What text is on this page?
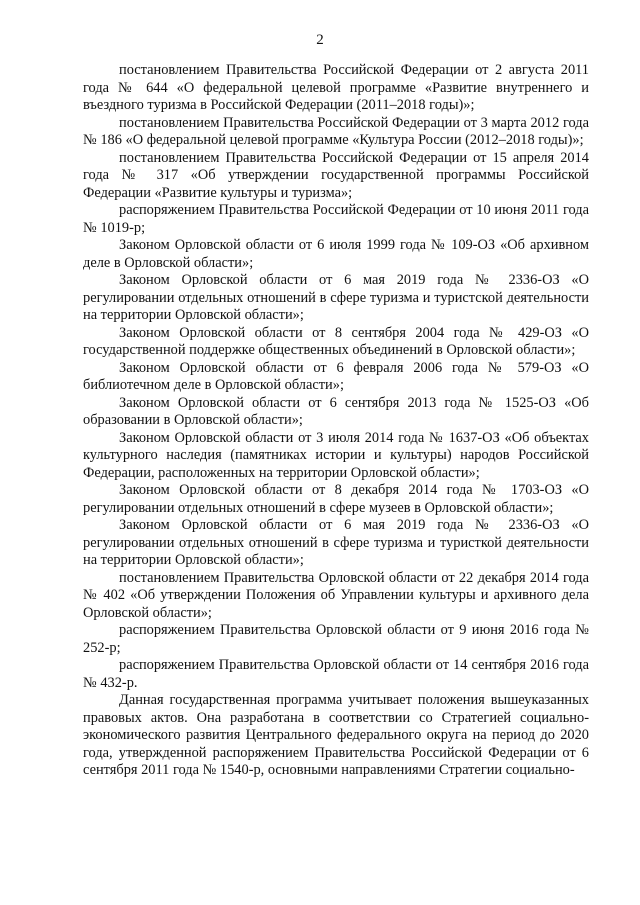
2

постановлением Правительства Российской Федерации от 2 августа 2011 года № 644 «О федеральной целевой программе «Развитие внутреннего и въездного туризма в Российской Федерации (2011–2018 годы)»;

постановлением Правительства Российской Федерации от 3 марта 2012 года № 186 «О федеральной целевой программе «Культура России (2012–2018 годы)»;

постановлением Правительства Российской Федерации от 15 апреля 2014 года № 317 «Об утверждении государственной программы Российской Федерации «Развитие культуры и туризма»;

распоряжением Правительства Российской Федерации от 10 июня 2011 года № 1019-р;

Законом Орловской области от 6 июля 1999 года № 109-ОЗ «Об архивном деле в Орловской области»;

Законом Орловской области от 6 мая 2019 года № 2336-ОЗ «О регулировании отдельных отношений в сфере туризма и туристской деятельности на территории Орловской области»;

Законом Орловской области от 8 сентября 2004 года № 429-ОЗ «О государственной поддержке общественных объединений в Орловской области»;

Законом Орловской области от 6 февраля 2006 года № 579-ОЗ «О библиотечном деле в Орловской области»;

Законом Орловской области от 6 сентября 2013 года № 1525-ОЗ «Об образовании в Орловской области»;

Законом Орловской области от 3 июля 2014 года № 1637-ОЗ «Об объектах культурного наследия (памятниках истории и культуры) народов Российской Федерации, расположенных на территории Орловской области»;

Законом Орловской области от 8 декабря 2014 года № 1703-ОЗ «О регулировании отдельных отношений в сфере музеев в Орловской области»;

Законом Орловской области от 6 мая 2019 года № 2336-ОЗ «О регулировании отдельных отношений в сфере туризма и туристкой деятельности на территории Орловской области»;

постановлением Правительства Орловской области от 22 декабря 2014 года № 402 «Об утверждении Положения об Управлении культуры и архивного дела Орловской области»;

распоряжением Правительства Орловской области от 9 июня 2016 года № 252-р;

распоряжением Правительства Орловской области от 14 сентября 2016 года № 432-р.

Данная государственная программа учитывает положения вышеуказанных правовых актов. Она разработана в соответствии со Стратегией социально-экономического развития Центрального федерального округа на период до 2020 года, утвержденной распоряжением Правительства Российской Федерации от 6 сентября 2011 года № 1540-р, основными направлениями Стратегии социально-
